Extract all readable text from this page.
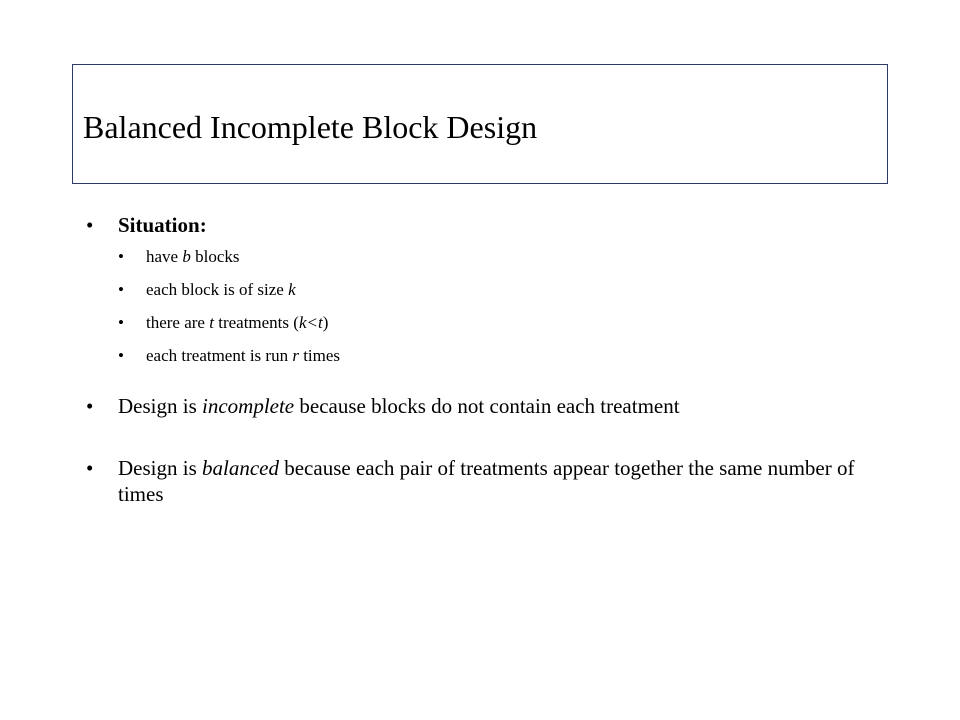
Balanced Incomplete Block Design
• Situation:
• have b blocks
• each block is of size k
• there are t treatments (k<t)
• each treatment is run r times
• Design is incomplete because blocks do not contain each treatment
• Design is balanced because each pair of treatments appear together the same number of times
